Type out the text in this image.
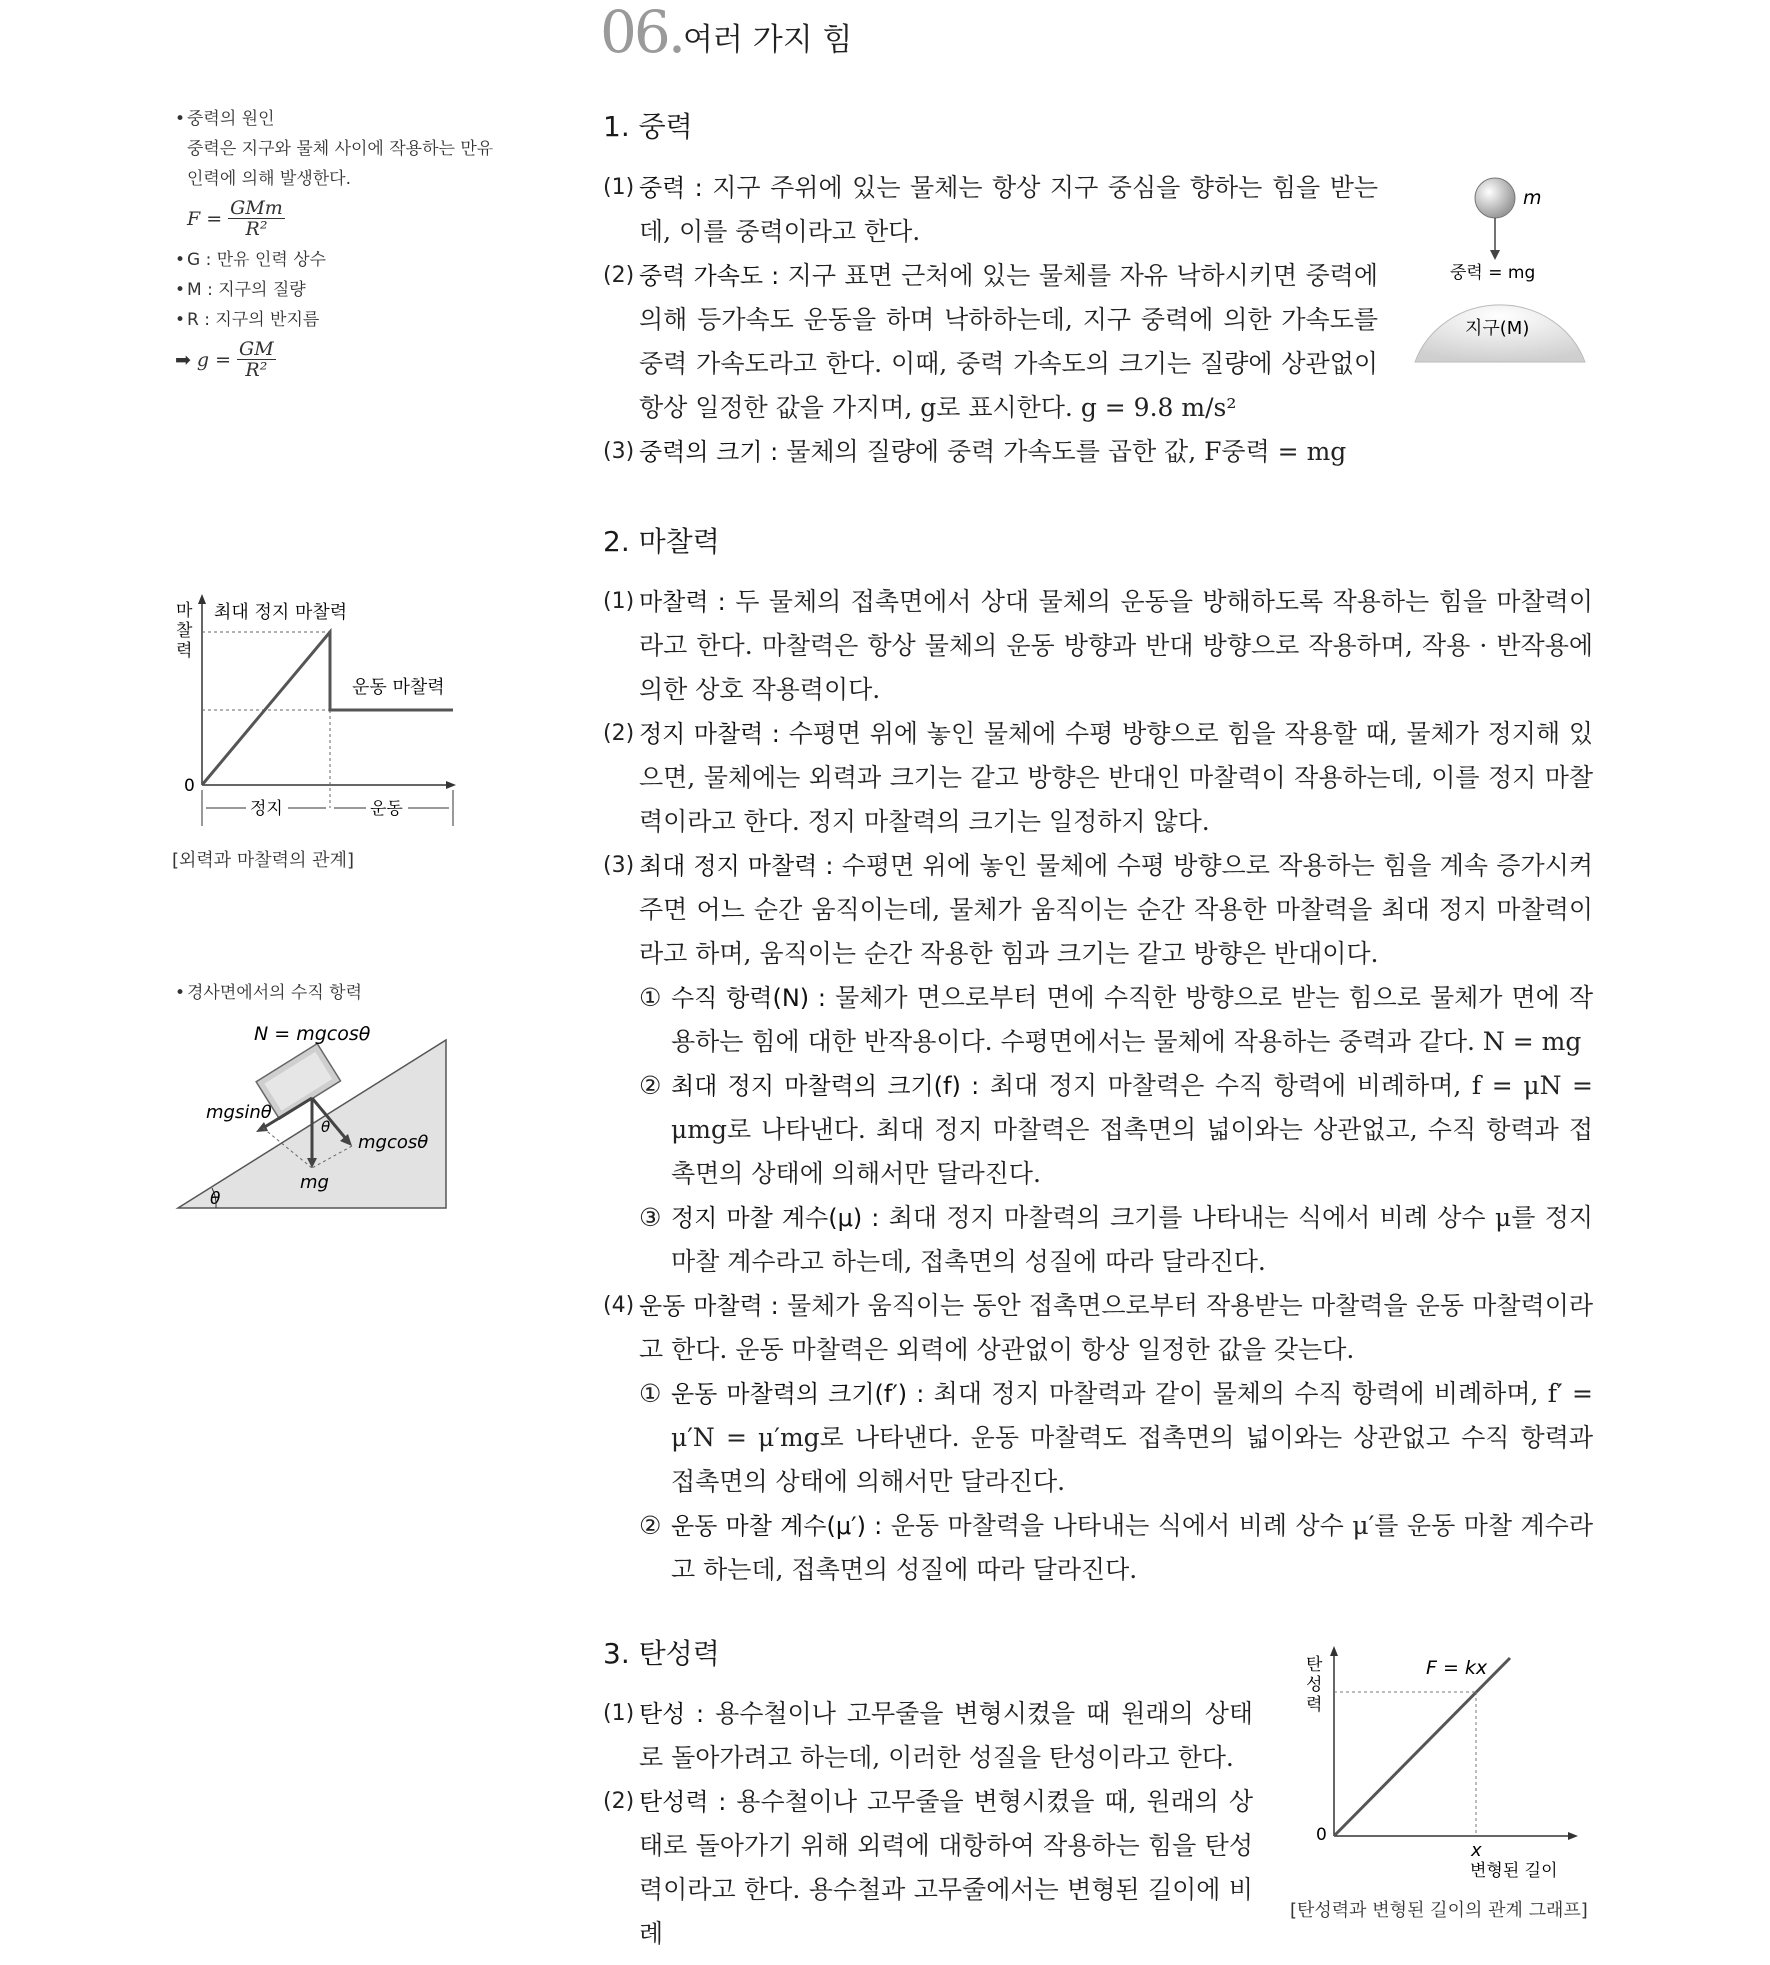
06. 여러 가지 힘
• 중력의 원인
중력은 지구와 물체 사이에 작용하는 만유
인력에 의해 발생한다.
$F = \frac{\text{GMm}}{\text{R²}}$
• G : 만유 인력 상수
• M : 지구의 질량
• R : 지구의 반지름
➡ $g = \frac{GM}{\text{R²}}$
마
찰
력
최대 정지 마찰력
운동 마찰력
0
정지	운동
[외력과 마찰력의 관계]
• 경사면에서의 수직 항력
θ
θ
N = mgcosθ
mgsinθ
mgcosθ
mg
m
중력 = mg
지구(M)
1. 중력
(1) 중력 : 지구 주위에 있는 물체는 항상 지구 중심을 향하는 힘을 받는데, 이를 중력이라고 한다.
(2) 중력 가속도 : 지구 표면 근처에 있는 물체를 자유 낙하시키면 중력에 의해 등가속도 운동을 하며 낙하하는데, 지구 중력에 의한 가속도를 중력 가속도라고 한다. 이때, 중력 가속도의 크기는 질량에 상관없이 항상 일정한 값을 가지며, g로 표시한다. g = 9.8 m/s²
(3) 중력의 크기 : 물체의 질량에 중력 가속도를 곱한 값, F중력 = mg
2. 마찰력
(1) 마찰력 : 두 물체의 접촉면에서 상대 물체의 운동을 방해하도록 작용하는 힘을 마찰력이라고 한다. 마찰력은 항상 물체의 운동 방향과 반대 방향으로 작용하며, 작용 · 반작용에 의한 상호 작용력이다.
(2) 정지 마찰력 : 수평면 위에 놓인 물체에 수평 방향으로 힘을 작용할 때, 물체가 정지해 있으면, 물체에는 외력과 크기는 같고 방향은 반대인 마찰력이 작용하는데, 이를 정지 마찰력이라고 한다. 정지 마찰력의 크기는 일정하지 않다.
(3) 최대 정지 마찰력 : 수평면 위에 놓인 물체에 수평 방향으로 작용하는 힘을 계속 증가시켜 주면 어느 순간 움직이는데, 물체가 움직이는 순간 작용한 마찰력을 최대 정지 마찰력이라고 하며, 움직이는 순간 작용한 힘과 크기는 같고 방향은 반대이다.
① 수직 항력(N) : 물체가 면으로부터 면에 수직한 방향으로 받는 힘으로 물체가 면에 작용하는 힘에 대한 반작용이다. 수평면에서는 물체에 작용하는 중력과 같다. N = mg
② 최대 정지 마찰력의 크기(f) : 최대 정지 마찰력은 수직 항력에 비례하며, f = μN = μmg로 나타낸다. 최대 정지 마찰력은 접촉면의 넓이와는 상관없고, 수직 항력과 접촉면의 상태에 의해서만 달라진다.
③ 정지 마찰 계수(μ) : 최대 정지 마찰력의 크기를 나타내는 식에서 비례 상수 μ를 정지 마찰 계수라고 하는데, 접촉면의 성질에 따라 달라진다.
(4) 운동 마찰력 : 물체가 움직이는 동안 접촉면으로부터 작용받는 마찰력을 운동 마찰력이라고 한다. 운동 마찰력은 외력에 상관없이 항상 일정한 값을 갖는다.
① 운동 마찰력의 크기(f′) : 최대 정지 마찰력과 같이 물체의 수직 항력에 비례하며, f′ = μ′N = μ′mg로 나타낸다. 운동 마찰력도 접촉면의 넓이와는 상관없고 수직 항력과 접촉면의 상태에 의해서만 달라진다.
② 운동 마찰 계수(μ′) : 운동 마찰력을 나타내는 식에서 비례 상수 μ′를 운동 마찰 계수라고 하는데, 접촉면의 성질에 따라 달라진다.
3. 탄성력
(1) 탄성 : 용수철이나 고무줄을 변형시켰을 때 원래의 상태로 돌아가려고 하는데, 이러한 성질을 탄성이라고 한다.
(2) 탄성력 : 용수철이나 고무줄을 변형시켰을 때, 원래의 상태로 돌아가기 위해 외력에 대항하여 작용하는 힘을 탄성력이라고 한다. 용수철과 고무줄에서는 변형된 길이에 비례
탄
성
력
F = kx
0
x
변형된 길이
[탄성력과 변형된 길이의 관계 그래프]
